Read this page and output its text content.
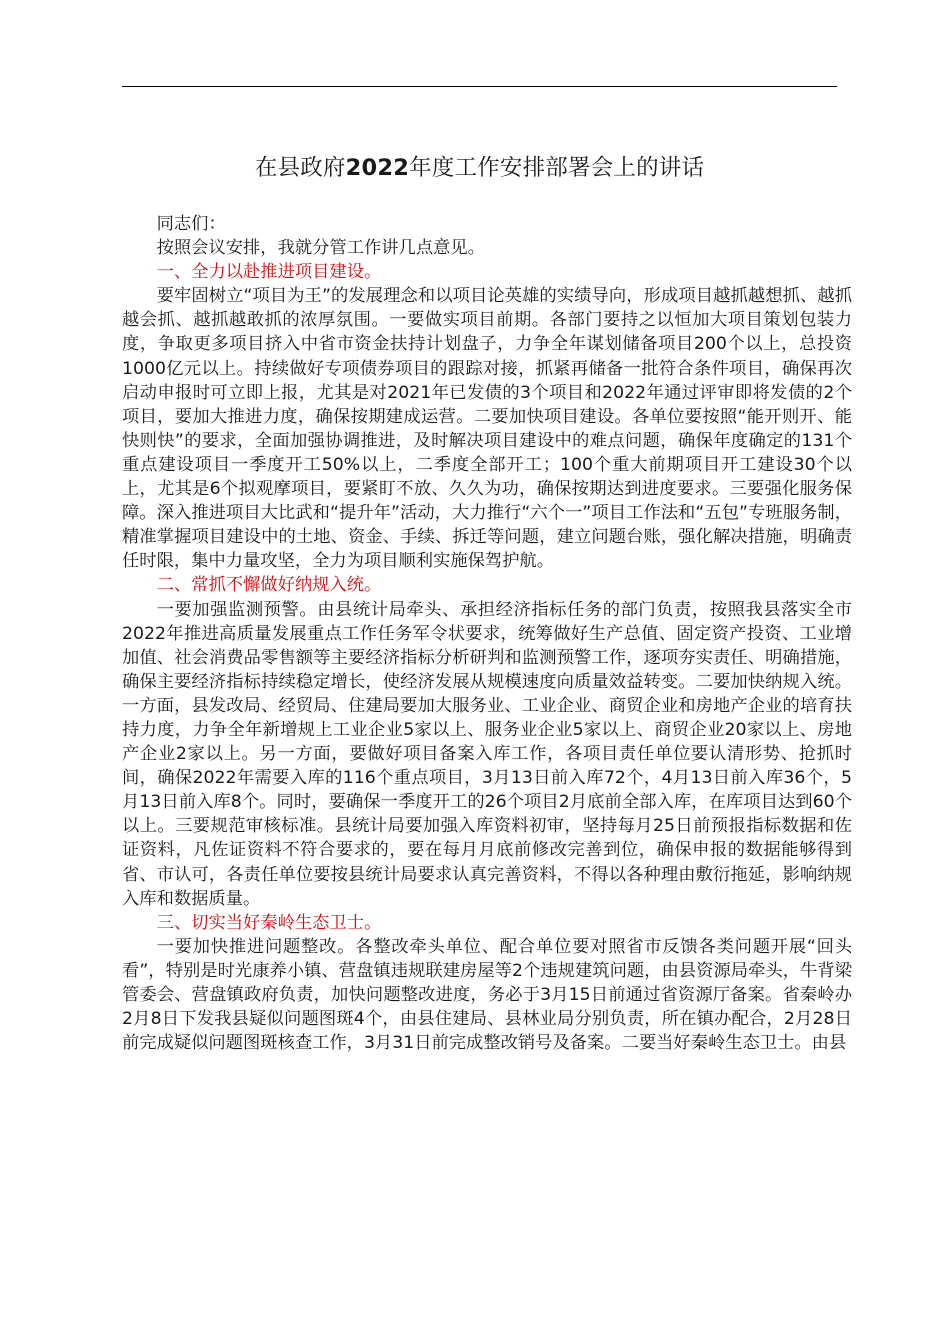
在县政府2022年度工作安排部署会上的讲话

同志们：

按照会议安排，我就分管工作讲几点意见。

一、全力以赴推进项目建设。

要牢固树立“项目为王”的发展理念和以项目论英雄的实绩导向，形成项目越抓越想抓、越抓越会抓、越抓越敢抓的浓厚氛围。一要做实项目前期。各部门要持之以恒加大项目策划包装力度，争取更多项目挤入中省市资金扶持计划盘子，力争全年谋划储备项目200个以上，总投资1000亿元以上。持续做好专项债券项目的跟踪对接，抓紧再储备一批符合条件项目，确保再次启动申报时可立即上报，尤其是对2021年已发债的3个项目和2022年通过评审即将发债的2个项目，要加大推进力度，确保按期建成运营。二要加快项目建设。各单位要按照“能开则开、能快则快”的要求，全面加强协调推进，及时解决项目建设中的难点问题，确保年度确定的131个重点建设项目一季度开工50%以上，二季度全部开工；100个重大前期项目开工建设30个以上，尤其是6个拟观摩项目，要紧盯不放、久久为功，确保按期达到进度要求。三要强化服务保障。深入推进项目大比武和“提升年”活动，大力推行“六个一”项目工作法和“五包”专班服务制，精准掌握项目建设中的土地、资金、手续、拆迁等问题，建立问题台账，强化解决措施，明确责任时限，集中力量攻坚，全力为项目顺利实施保驾护航。

二、常抓不懈做好纳规入统。

一要加强监测预警。由县统计局牵头、承担经济指标任务的部门负责，按照我县落实全市2022年推进高质量发展重点工作任务军令状要求，统筹做好生产总值、固定资产投资、工业增加值、社会消费品零售额等主要经济指标分析研判和监测预警工作，逐项夯实责任、明确措施，确保主要经济指标持续稳定增长，使经济发展从规模速度向质量效益转变。二要加快纳规入统。一方面，县发改局、经贸局、住建局要加大服务业、工业企业、商贸企业和房地产企业的培育扶持力度，力争全年新增规上工业企业5家以上、服务业企业5家以上、商贸企业20家以上、房地产企业2家以上。另一方面，要做好项目备案入库工作，各项目责任单位要认清形势、抢抓时间，确保2022年需要入库的116个重点项目，3月13日前入库72个，4月13日前入库36个，5月13日前入库8个。同时，要确保一季度开工的26个项目2月底前全部入库，在库项目达到60个以上。三要规范审核标准。县统计局要加强入库资料初审，坚持每月25日前预报指标数据和佐证资料，凡佐证资料不符合要求的，要在每月月底前修改完善到位，确保申报的数据能够得到省、市认可，各责任单位要按县统计局要求认真完善资料，不得以各种理由敷衍拖延，影响纳规入库和数据质量。

三、切实当好秦岭生态卫士。

一要加快推进问题整改。各整改牵头单位、配合单位要对照省市反馈各类问题开展“回头看”，特别是时光康养小镇、营盘镇违规联建房屋等2个违规建筑问题，由县资源局牵头，牛背梁管委会、营盘镇政府负责，加快问题整改进度，务必于3月15日前通过省资源厅备案。省秦岭办2月8日下发我县疑似问题图斑4个，由县住建局、县林业局分别负责，所在镇办配合，2月28日前完成疑似问题图斑核查工作，3月31日前完成整改销号及备案。二要当好秦岭生态卫士。由县
